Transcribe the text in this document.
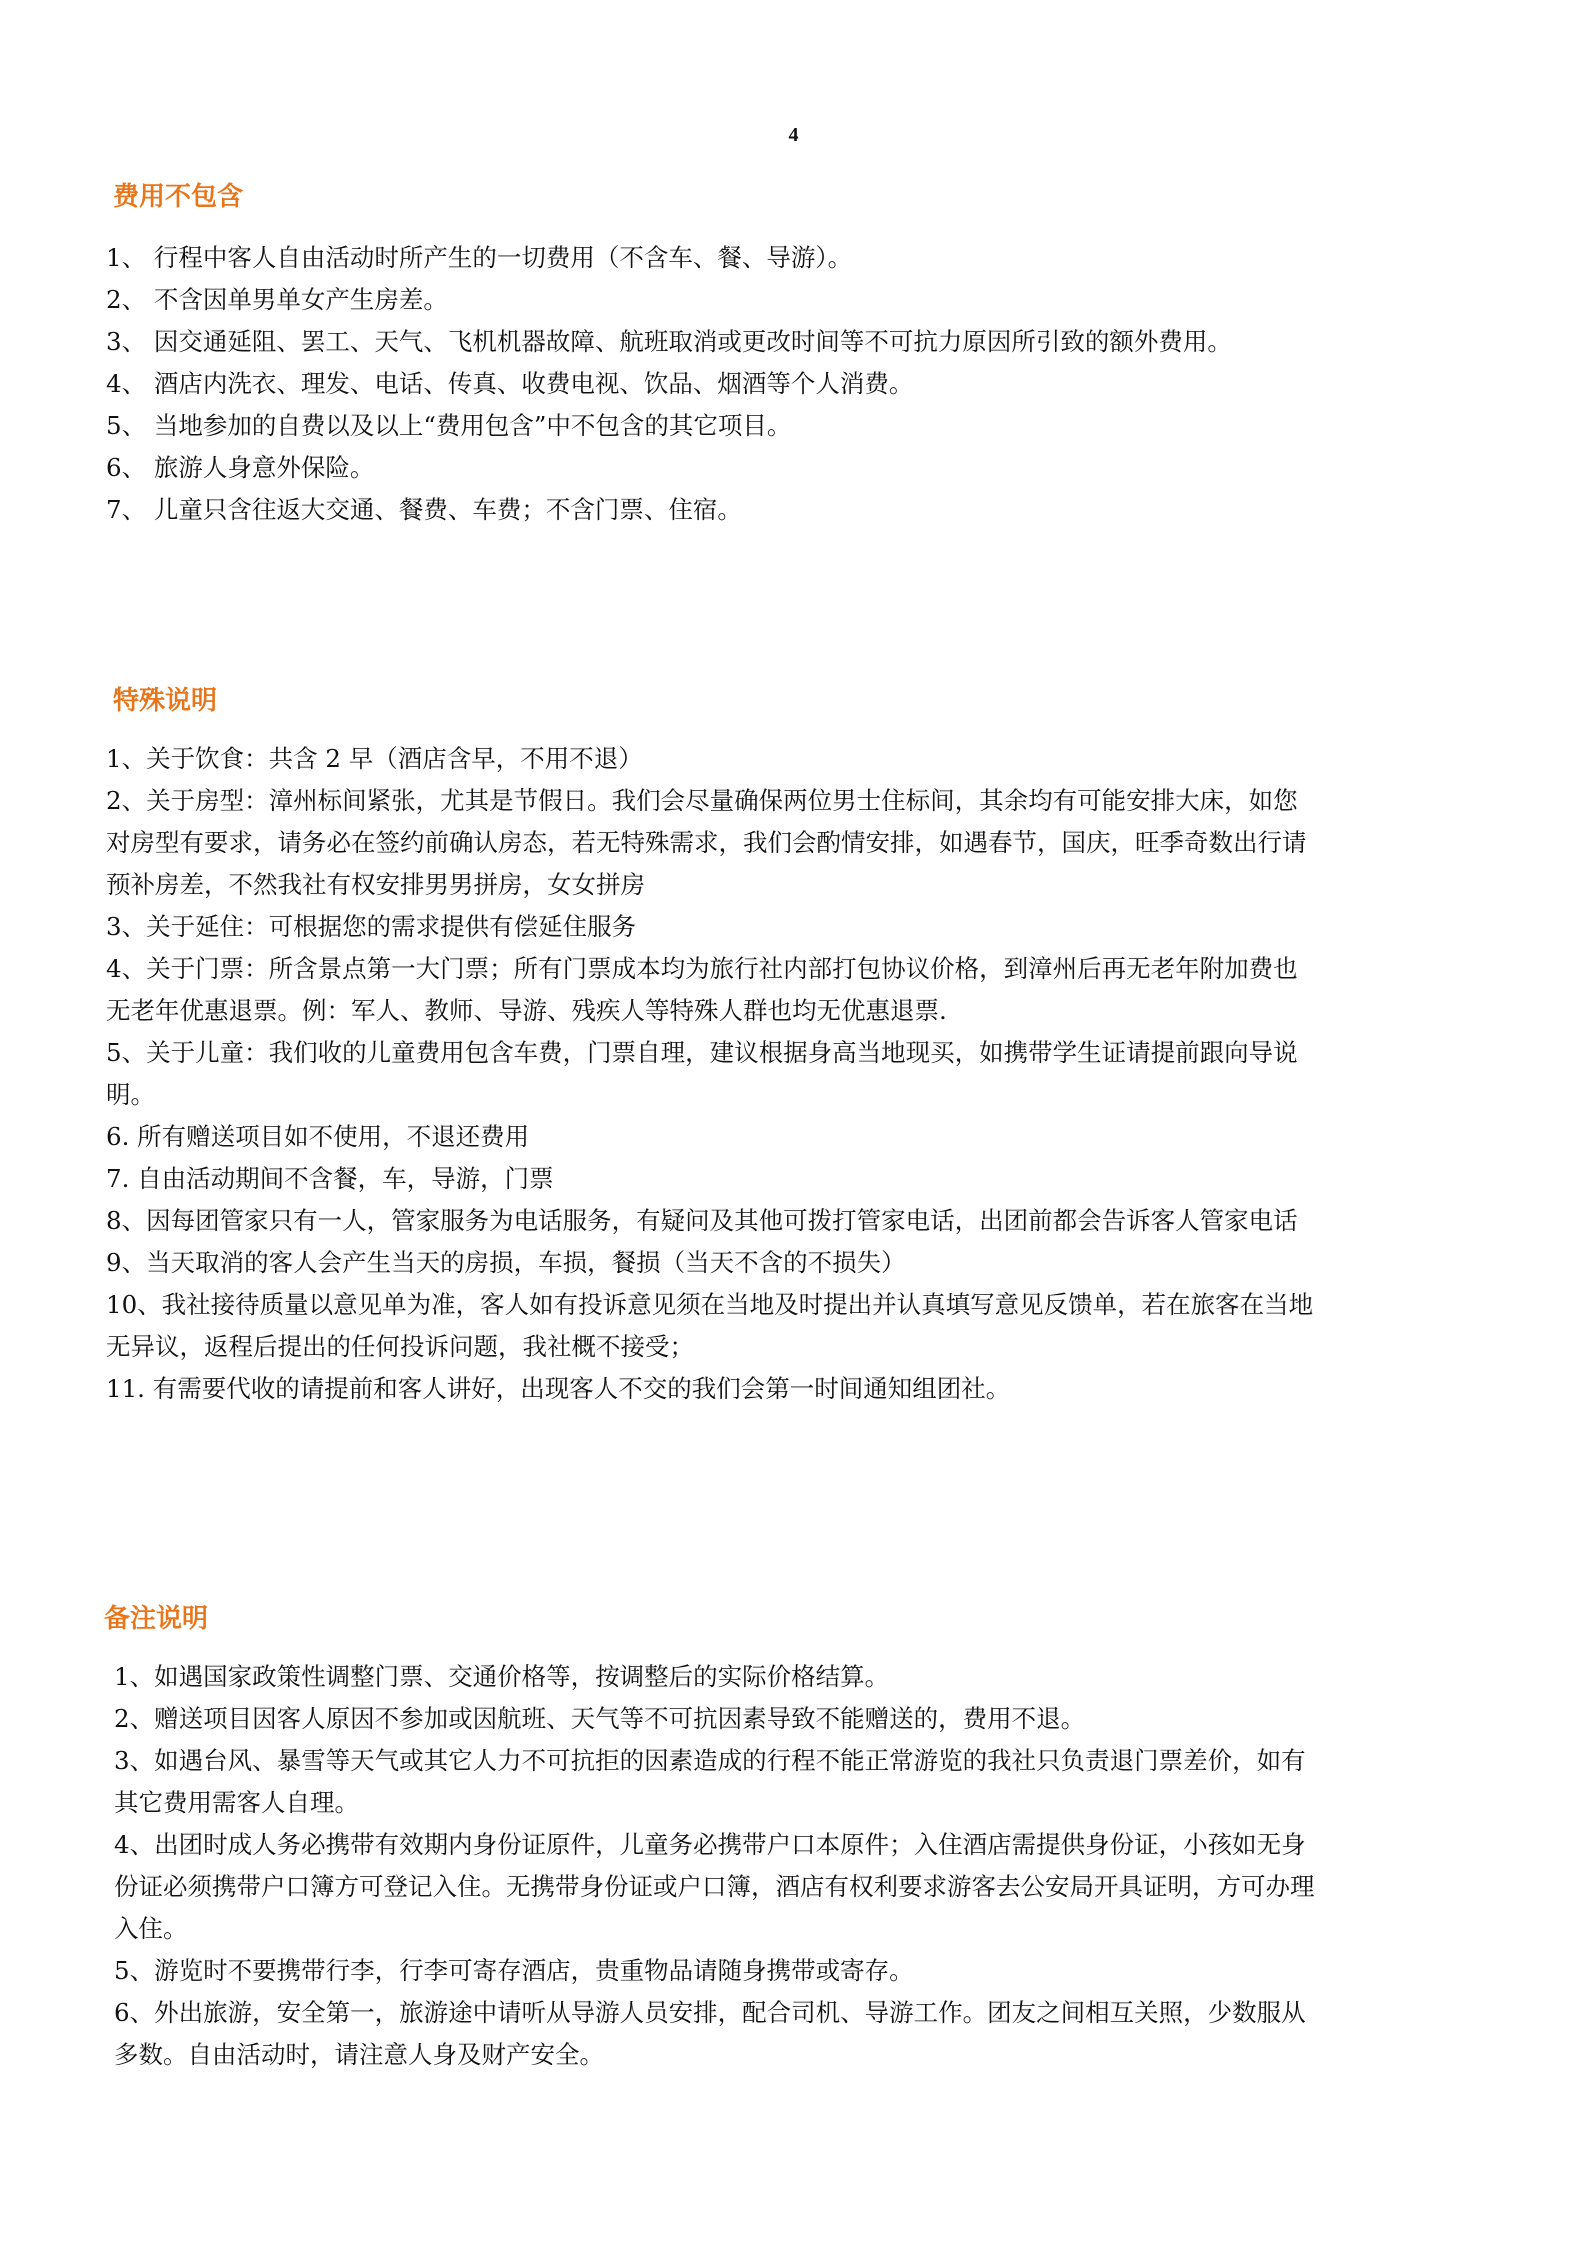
4
费用不包含
1、 行程中客人自由活动时所产生的一切费用（不含车、餐、导游）。
2、 不含因单男单女产生房差。
3、 因交通延阻、罢工、天气、飞机机器故障、航班取消或更改时间等不可抗力原因所引致的额外费用。
4、 酒店内洗衣、理发、电话、传真、收费电视、饮品、烟酒等个人消费。
5、 当地参加的自费以及以上“费用包含”中不包含的其它项目。
6、 旅游人身意外保险。
7、 儿童只含往返大交通、餐费、车费；不含门票、住宿。
特殊说明
1、关于饮食：共含 2 早（酒店含早，不用不退）
2、关于房型：漳州标间紧张，尤其是节假日。我们会尽量确保两位男士住标间，其余均有可能安排大床，如您
对房型有要求，请务必在签约前确认房态，若无特殊需求，我们会酌情安排，如遇春节，国庆，旺季奇数出行请
预补房差，不然我社有权安排男男拼房，女女拼房
3、关于延住：可根据您的需求提供有偿延住服务
4、关于门票：所含景点第一大门票；所有门票成本均为旅行社内部打包协议价格，到漳州后再无老年附加费也
无老年优惠退票。例：军人、教师、导游、残疾人等特殊人群也均无优惠退票.
5、关于儿童：我们收的儿童费用包含车费，门票自理，建议根据身高当地现买，如携带学生证请提前跟向导说
明。
6. 所有赠送项目如不使用，不退还费用
7. 自由活动期间不含餐，车，导游，门票
8、因每团管家只有一人，管家服务为电话服务，有疑问及其他可拨打管家电话，出团前都会告诉客人管家电话
9、当天取消的客人会产生当天的房损，车损，餐损（当天不含的不损失）
10、我社接待质量以意见单为准，客人如有投诉意见须在当地及时提出并认真填写意见反馈单，若在旅客在当地
无异议，返程后提出的任何投诉问题，我社概不接受；
11. 有需要代收的请提前和客人讲好，出现客人不交的我们会第一时间通知组团社。
备注说明
1、如遇国家政策性调整门票、交通价格等，按调整后的实际价格结算。
2、赠送项目因客人原因不参加或因航班、天气等不可抗因素导致不能赠送的，费用不退。
3、如遇台风、暴雪等天气或其它人力不可抗拒的因素造成的行程不能正常游览的我社只负责退门票差价，如有
其它费用需客人自理。
4、出团时成人务必携带有效期内身份证原件，儿童务必携带户口本原件；入住酒店需提供身份证，小孩如无身
份证必须携带户口簿方可登记入住。无携带身份证或户口簿，酒店有权利要求游客去公安局开具证明，方可办理
入住。
5、游览时不要携带行李，行李可寄存酒店，贵重物品请随身携带或寄存。
6、外出旅游，安全第一，旅游途中请听从导游人员安排，配合司机、导游工作。团友之间相互关照，少数服从
多数。自由活动时，请注意人身及财产安全。
